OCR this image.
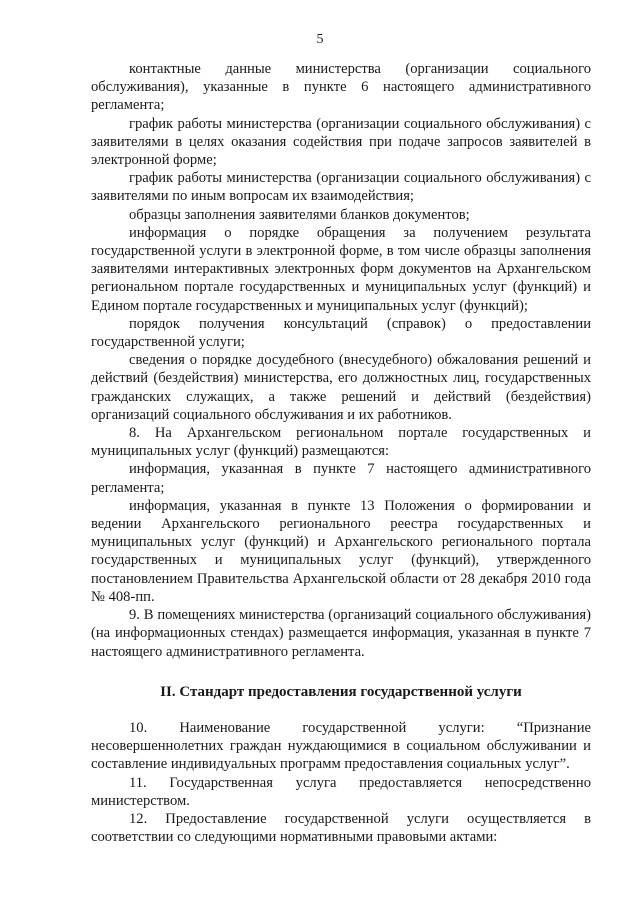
5

контактные данные министерства (организации социального обслуживания), указанные в пункте 6 настоящего административного регламента;

график работы министерства (организации социального обслуживания) с заявителями в целях оказания содействия при подаче запросов заявителей в электронной форме;

график работы министерства (организации социального обслуживания) с заявителями по иным вопросам их взаимодействия;

образцы заполнения заявителями бланков документов;

информация о порядке обращения за получением результата государственной услуги в электронной форме, в том числе образцы заполнения заявителями интерактивных электронных форм документов на Архангельском региональном портале государственных и муниципальных услуг (функций) и Едином портале государственных и муниципальных услуг (функций);

порядок получения консультаций (справок) о предоставлении государственной услуги;

сведения о порядке досудебного (внесудебного) обжалования решений и действий (бездействия) министерства, его должностных лиц, государственных гражданских служащих, а также решений и действий (бездействия) организаций социального обслуживания и их работников.

8. На Архангельском региональном портале государственных и муниципальных услуг (функций) размещаются:

информация, указанная в пункте 7 настоящего административного регламента;

информация, указанная в пункте 13 Положения о формировании и ведении Архангельского регионального реестра государственных и муниципальных услуг (функций) и Архангельского регионального портала государственных и муниципальных услуг (функций), утвержденного постановлением Правительства Архангельской области от 28 декабря 2010 года № 408-пп.

9. В помещениях министерства (организаций социального обслуживания) (на информационных стендах) размещается информация, указанная в пункте 7 настоящего административного регламента.

II. Стандарт предоставления государственной услуги

10. Наименование государственной услуги: “Признание несовершеннолетних граждан нуждающимися в социальном обслуживании и составление индивидуальных программ предоставления социальных услуг”.

11. Государственная услуга предоставляется непосредственно министерством.

12. Предоставление государственной услуги осуществляется в соответствии со следующими нормативными правовыми актами:
